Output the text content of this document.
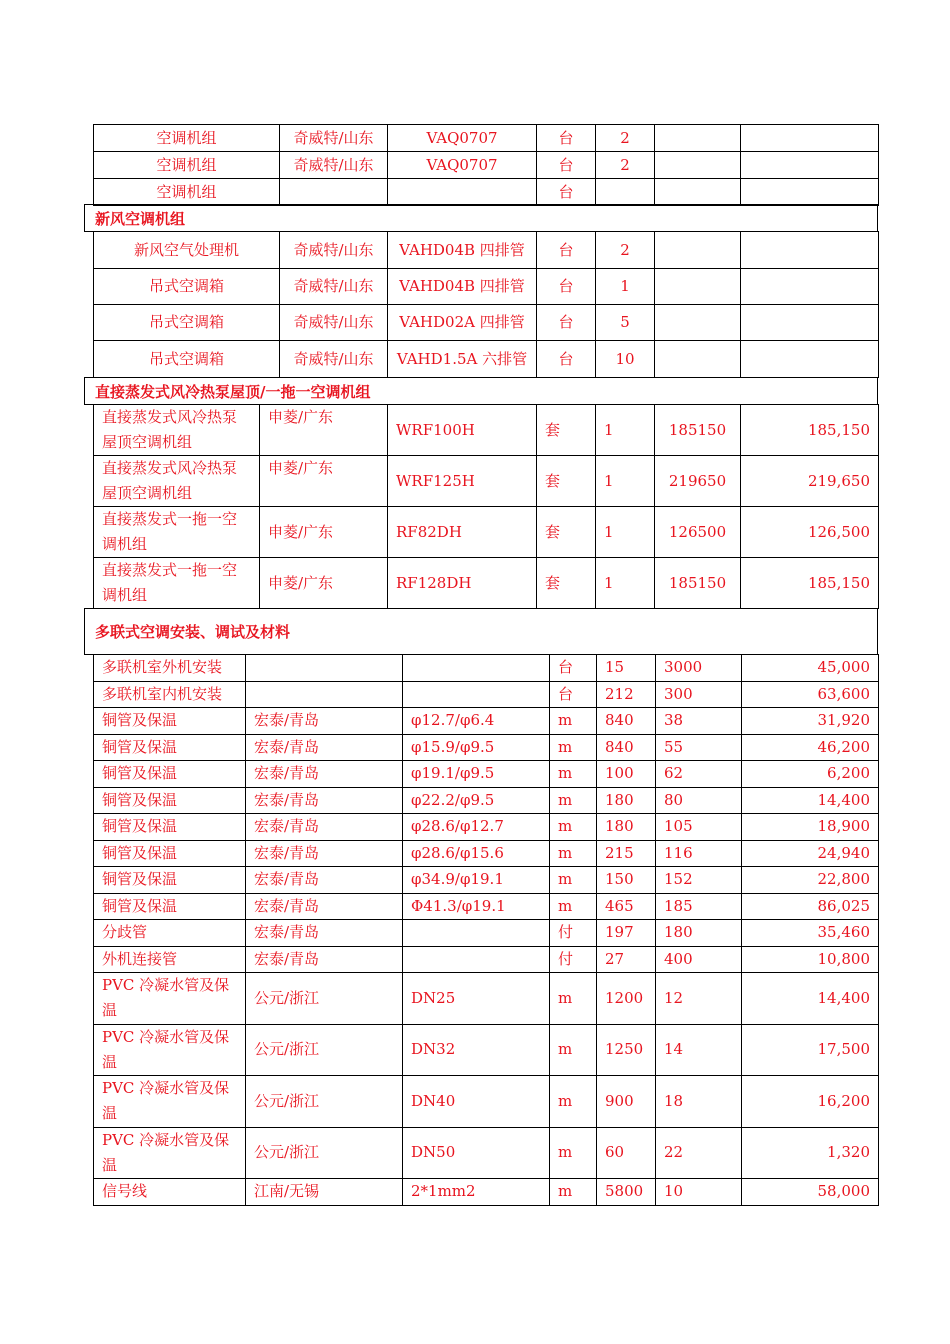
空调机组	奇威特/山东	VAQ0707	台	2		
空调机组	奇威特/山东	VAQ0707	台	2		
空调机组			台			
新风空调机组
新风空气处理机	奇威特/山东	VAHD04B 四排管	台	2		
吊式空调箱	奇威特/山东	VAHD04B 四排管	台	1		
吊式空调箱	奇威特/山东	VAHD02A 四排管	台	5		
吊式空调箱	奇威特/山东	VAHD1.5A 六排管	台	10		
直接蒸发式风冷热泵屋顶/一拖一空调机组
直接蒸发式风冷热泵屋顶空调机组	申菱/广东	WRF100H	套	1	185150	185,150
直接蒸发式风冷热泵屋顶空调机组	申菱/广东	WRF125H	套	1	219650	219,650
直接蒸发式一拖一空调机组	申菱/广东	RF82DH	套	1	126500	126,500
直接蒸发式一拖一空调机组	申菱/广东	RF128DH	套	1	185150	185,150
多联式空调安装、调试及材料
多联机室外机安装			台	15	3000	45,000
多联机室内机安装			台	212	300	63,600
铜管及保温	宏泰/青岛	φ12.7/φ6.4	m	840	38	31,920
铜管及保温	宏泰/青岛	φ15.9/φ9.5	m	840	55	46,200
铜管及保温	宏泰/青岛	φ19.1/φ9.5	m	100	62	6,200
铜管及保温	宏泰/青岛	φ22.2/φ9.5	m	180	80	14,400
铜管及保温	宏泰/青岛	φ28.6/φ12.7	m	180	105	18,900
铜管及保温	宏泰/青岛	φ28.6/φ15.6	m	215	116	24,940
铜管及保温	宏泰/青岛	φ34.9/φ19.1	m	150	152	22,800
铜管及保温	宏泰/青岛	Φ41.3/φ19.1	m	465	185	86,025
分歧管	宏泰/青岛		付	197	180	35,460
外机连接管	宏泰/青岛		付	27	400	10,800
PVC 冷凝水管及保温	公元/浙江	DN25	m	1200	12	14,400
PVC 冷凝水管及保温	公元/浙江	DN32	m	1250	14	17,500
PVC 冷凝水管及保温	公元/浙江	DN40	m	900	18	16,200
PVC 冷凝水管及保温	公元/浙江	DN50	m	60	22	1,320
信号线	江南/无锡	2*1mm2	m	5800	10	58,000
